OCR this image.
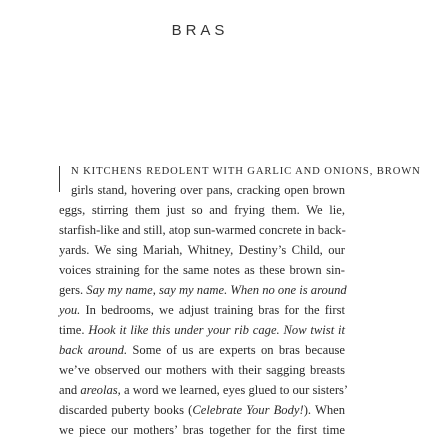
BRAS
N KITCHENS REDOLENT WITH GARLIC AND ONIONS, BROWN
girls stand, hovering over pans, cracking open brown
eggs, stirring them just so and frying them. We lie,
starfish-like and still, atop sun-warmed concrete in back-
yards. We sing Mariah, Whitney, Destiny’s Child, our
voices straining for the same notes as these brown sin-
gers. Say my name, say my name. When no one is around
you. In bedrooms, we adjust training bras for the first
time. Hook it like this under your rib cage. Now twist it
back around. Some of us are experts on bras because
we’ve observed our mothers with their sagging breasts
and areolas, a word we learned, eyes glued to our sisters’
discarded puberty books (Celebrate Your Body!). When
we piece our mothers’ bras together for the first time
